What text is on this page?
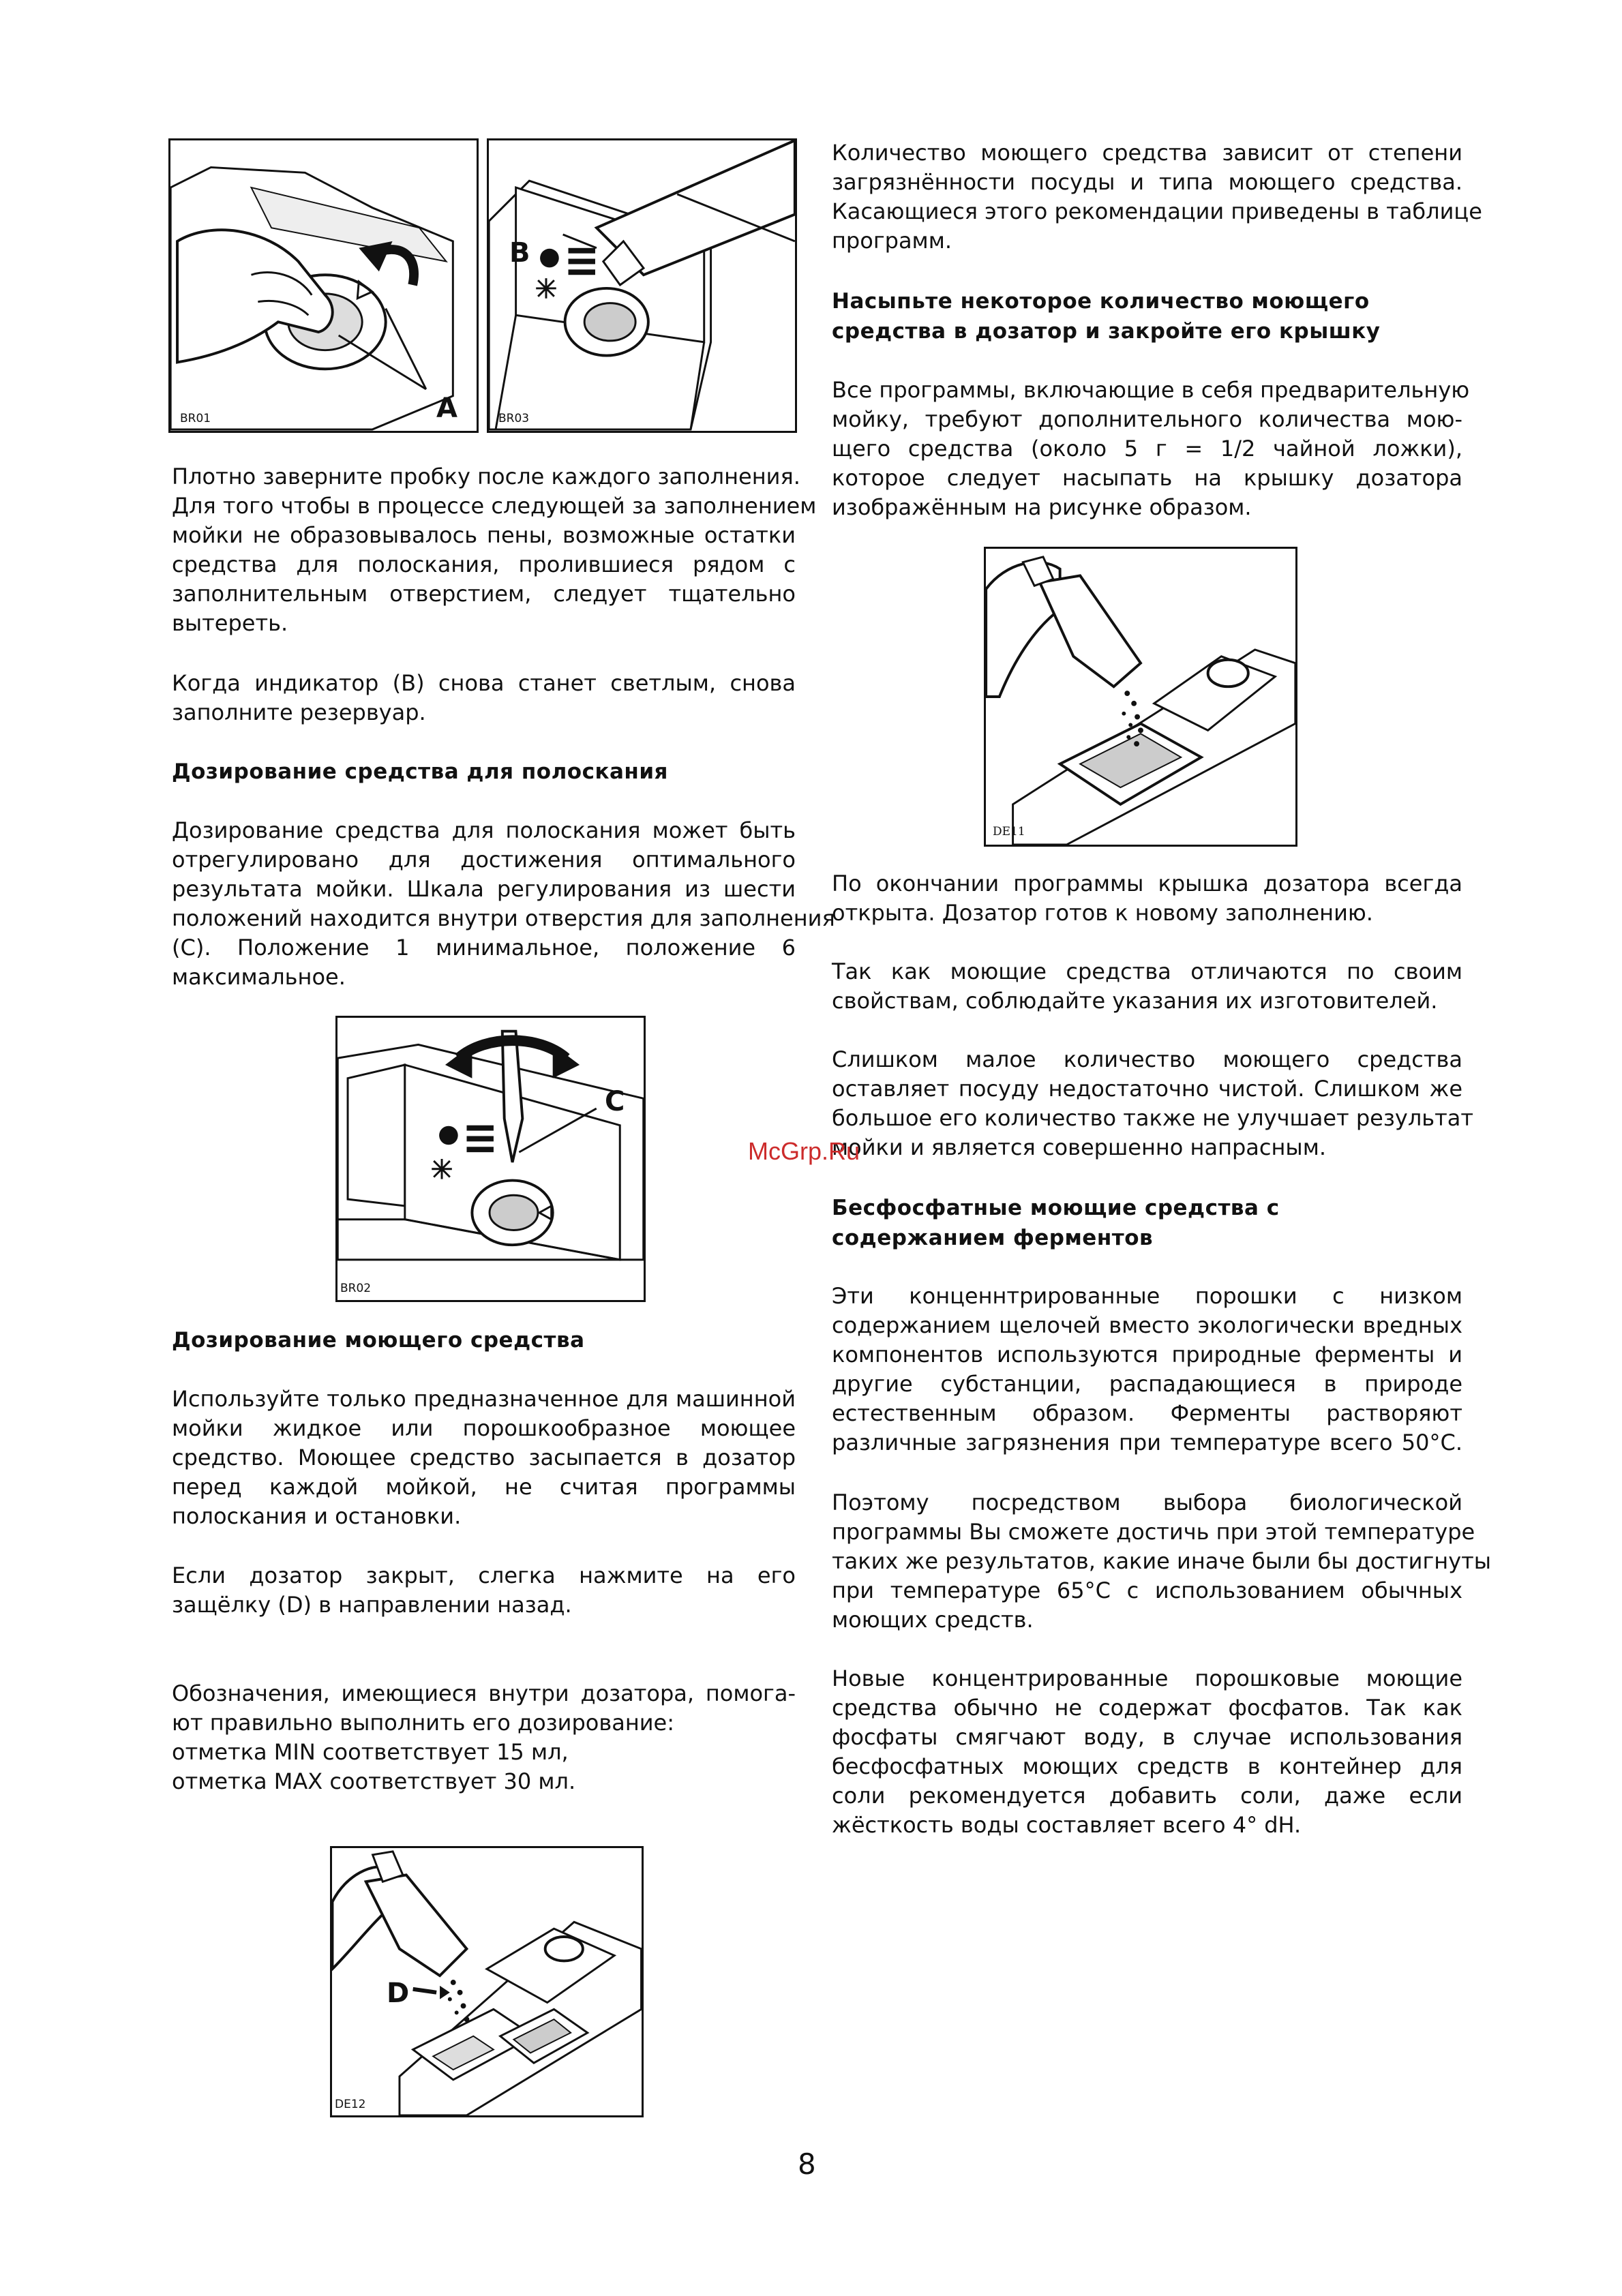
A
BR01
B
BR03
Плотно заверните пробку после каждого заполнения.
Для того чтобы в процессе следующей за заполнением
мойки не образовывалось пены, возможные остатки
средства для полоскания, пролившиеся рядом с
заполнительным отверстием, следует тщательно
вытереть.
Когда индикатор (B) снова станет светлым, снова
заполните резервуар.
Дозирование средства для полоскания
Дозирование средства для полоскания может быть
отрегулировано для достижения оптимального
результата мойки. Шкала регулирования из шести
положений находится внутри отверстия для заполнения
(C). Положение 1 минимальное, положение 6
максимальное.
C
BR02
Дозирование моющего средства
Используйте только предназначенное для машинной
мойки жидкое или порошкообразное моющее
средство. Моющее средство засыпается в дозатор
перед каждой мойкой, не считая программы
полоскания и остановки.
Если дозатор закрыт, слегка нажмите на его
защёлку (D) в направлении назад.
Обозначения, имеющиеся внутри дозатора, помога-
ют правильно выполнить его дозирование:
отметка MIN соответствует 15 мл,
отметка MAX соответствует 30 мл.
D
DE12
Количество моющего средства зависит от степени
загрязнённости посуды и типа моющего средства.
Касающиеся этого рекомендации приведены в таблице
программ.
Насыпьте некоторое количество моющего
средства в дозатор и закройте его крышку
Все программы, включающие в себя предварительную
мойку, требуют дополнительного количества мою-
щего средства (около 5 г = 1/2 чайной ложки),
которое следует насыпать на крышку дозатора
изображённым на рисунке образом.
DE11
По окончании программы крышка дозатора всегда
открыта. Дозатор готов к новому заполнению.
Так как моющие средства отличаются по своим
свойствам, соблюдайте указания их изготовителей.
Слишком малое количество моющего средства
оставляет посуду недостаточно чистой. Слишком же
большое его количество также не улучшает результат
мойки и является совершенно напрасным.
Бесфосфатные моющие средства с
содержанием ферментов
Эти конценнтрированные порошки с низком
содержанием щелочей вместо экологически вредных
компонентов используются природные ферменты и
другие субстанции, распадающиеся в природе
естественным образом. Ферменты растворяют
различные загрязнения при температуре всего 50°C.
Поэтому посредством выбора биологической
программы Вы сможете достичь при этой температуре
таких же результатов, какие иначе были бы достигнуты
при температуре 65°C с использованием обычных
моющих средств.
Новые концентрированные порошковые моющие
средства обычно не содержат фосфатов. Так как
фосфаты смягчают воду, в случае использования
бесфосфатных моющих средств в контейнер для
соли рекомендуется добавить соли, даже если
жёсткость воды составляет всего 4° dH.
McGrp.Ru
8
